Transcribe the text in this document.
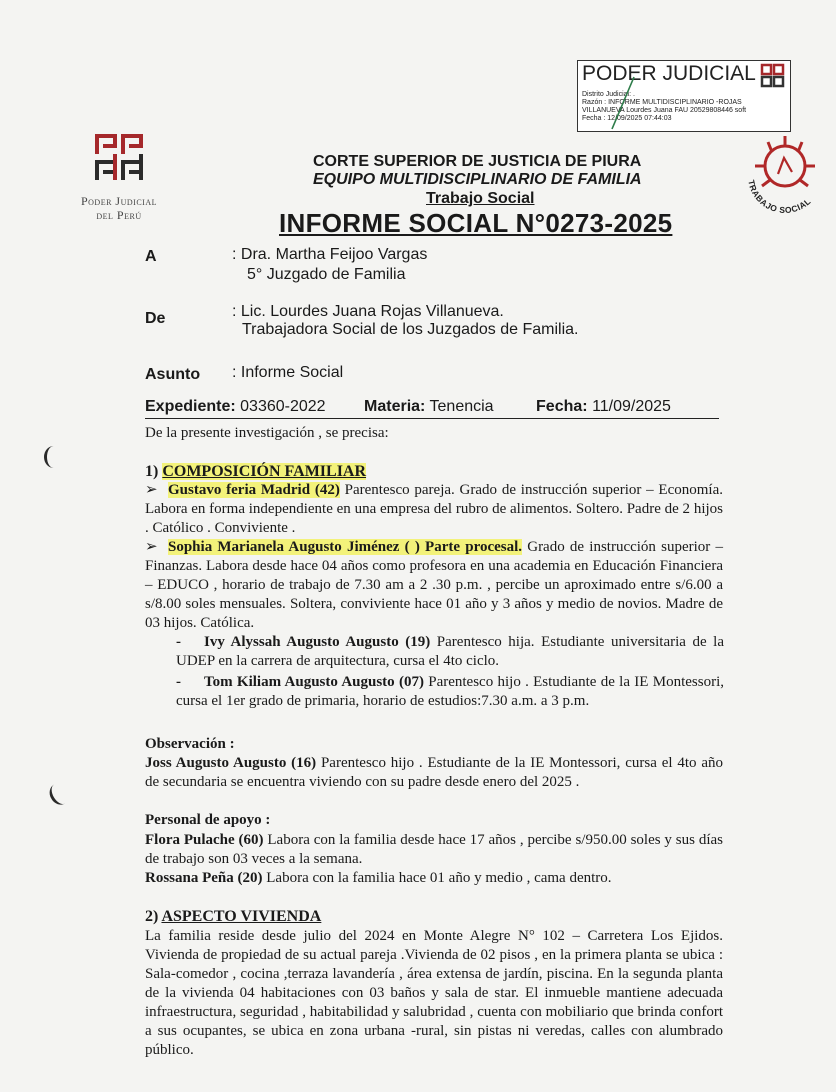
Poder Judicial
del Perú
PODER JUDICIAL
Distrito Judicial: .
Razón : INFORME MULTIDISCIPLINARIO -ROJAS
VILLANUEVA Lourdes Juana FAU 20529808446 soft
Fecha : 12/09/2025 07:44:03
TRABAJO SOCIAL
CORTE SUPERIOR DE JUSTICIA DE PIURA
EQUIPO MULTIDISCIPLINARIO DE FAMILIA
Trabajo Social
INFORME SOCIAL N°0273-2025
A	: Dra. Martha Feijoo Vargas
5° Juzgado de Familia
De	: Lic. Lourdes Juana Rojas Villanueva.
Trabajadora Social de los Juzgados de Familia.
Asunto : Informe Social
Expediente: 03360-2022 Materia: Tenencia	Fecha: 11/09/2025
De la presente investigación , se precisa:
1) COMPOSICIÓN FAMILIAR
➢ Gustavo feria Madrid (42) Parentesco pareja. Grado de instrucción superior – Economía. Labora en forma independiente en una empresa del rubro de alimentos. Soltero. Padre de 2 hijos . Católico . Conviviente .
➢ Sophia Marianela Augusto Jiménez ( ) Parte procesal. Grado de instrucción superior – Finanzas. Labora desde hace 04 años como profesora en una academia en Educación Financiera – EDUCO , horario de trabajo de 7.30 am a 2 .30 p.m. , percibe un aproximado entre s/6.00 a s/8.00 soles mensuales. Soltera, conviviente hace 01 año y 3 años y medio de novios. Madre de 03 hijos. Católica.
- Ivy Alyssah Augusto Augusto (19) Parentesco hija. Estudiante universitaria de la UDEP en la carrera de arquitectura, cursa el 4to ciclo.
- Tom Kiliam Augusto Augusto (07) Parentesco hijo . Estudiante de la IE Montessori, cursa el 1er grado de primaria, horario de estudios:7.30 a.m. a 3 p.m.
Observación :
Joss Augusto Augusto (16) Parentesco hijo . Estudiante de la IE Montessori, cursa el 4to año de secundaria se encuentra viviendo con su padre desde enero del 2025 .
Personal de apoyo :
Flora Pulache (60) Labora con la familia desde hace 17 años , percibe s/950.00 soles y sus días de trabajo son 03 veces a la semana.
Rossana Peña (20) Labora con la familia hace 01 año y medio , cama dentro.
2) ASPECTO VIVIENDA
La familia reside desde julio del 2024 en Monte Alegre N° 102 – Carretera Los Ejidos. Vivienda de propiedad de su actual pareja .Vivienda de 02 pisos , en la primera planta se ubica : Sala-comedor , cocina ,terraza lavandería , área extensa de jardín, piscina. En la segunda planta de la vivienda 04 habitaciones con 03 baños y sala de star. El inmueble mantiene adecuada infraestructura, seguridad , habitabilidad y salubridad , cuenta con mobiliario que brinda confort a sus ocupantes, se ubica en zona urbana -rural, sin pistas ni veredas, calles con alumbrado público.
